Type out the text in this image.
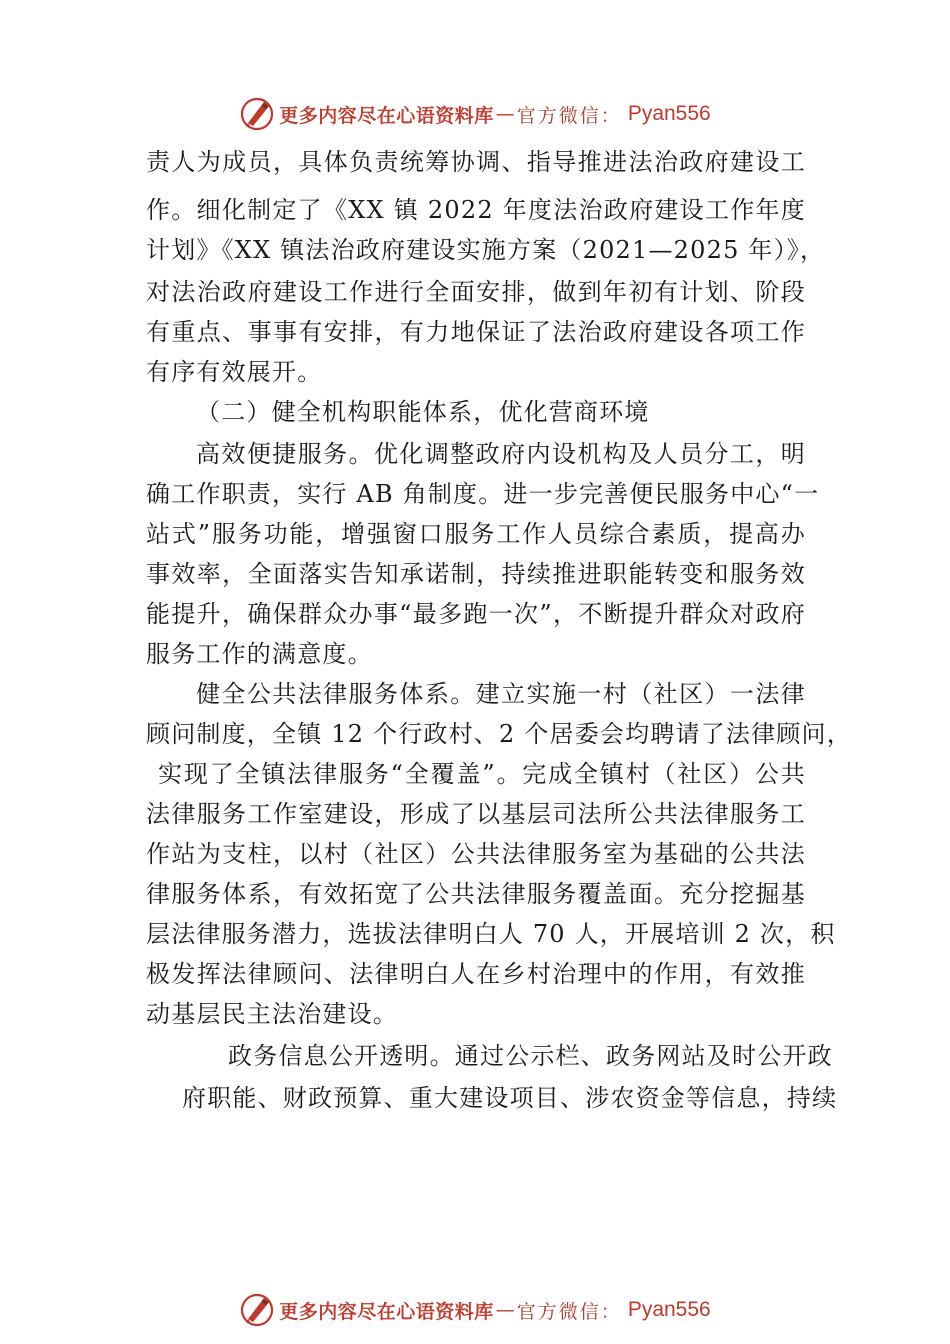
更多内容尽在心语资料库 — 官方微信： Pyan556
责人为成员，具体负责统筹协调、指导推进法治政府建设工
作。细化制定了《XX 镇 2022 年度法治政府建设工作年度
计划》《XX 镇法治政府建设实施方案（2021—2025 年）》，
对法治政府建设工作进行全面安排，做到年初有计划、阶段
有重点、事事有安排，有力地保证了法治政府建设各项工作
有序有效展开。
（二）健全机构职能体系，优化营商环境
高效便捷服务。优化调整政府内设机构及人员分工，明
确工作职责，实行 AB 角制度。进一步完善便民服务中心“一
站式”服务功能，增强窗口服务工作人员综合素质，提高办
事效率，全面落实告知承诺制，持续推进职能转变和服务效
能提升，确保群众办事“最多跑一次”，不断提升群众对政府
服务工作的满意度。
健全公共法律服务体系。建立实施一村（社区）一法律
顾问制度，全镇 12 个行政村、2 个居委会均聘请了法律顾问，
实现了全镇法律服务“全覆盖”。完成全镇村（社区）公共
法律服务工作室建设，形成了以基层司法所公共法律服务工
作站为支柱，以村（社区）公共法律服务室为基础的公共法
律服务体系，有效拓宽了公共法律服务覆盖面。充分挖掘基
层法律服务潜力，选拔法律明白人 70 人，开展培训 2 次，积
极发挥法律顾问、法律明白人在乡村治理中的作用，有效推
动基层民主法治建设。
政务信息公开透明。通过公示栏、政务网站及时公开政
府职能、财政预算、重大建设项目、涉农资金等信息，持续
更多内容尽在心语资料库 — 官方微信： Pyan556
